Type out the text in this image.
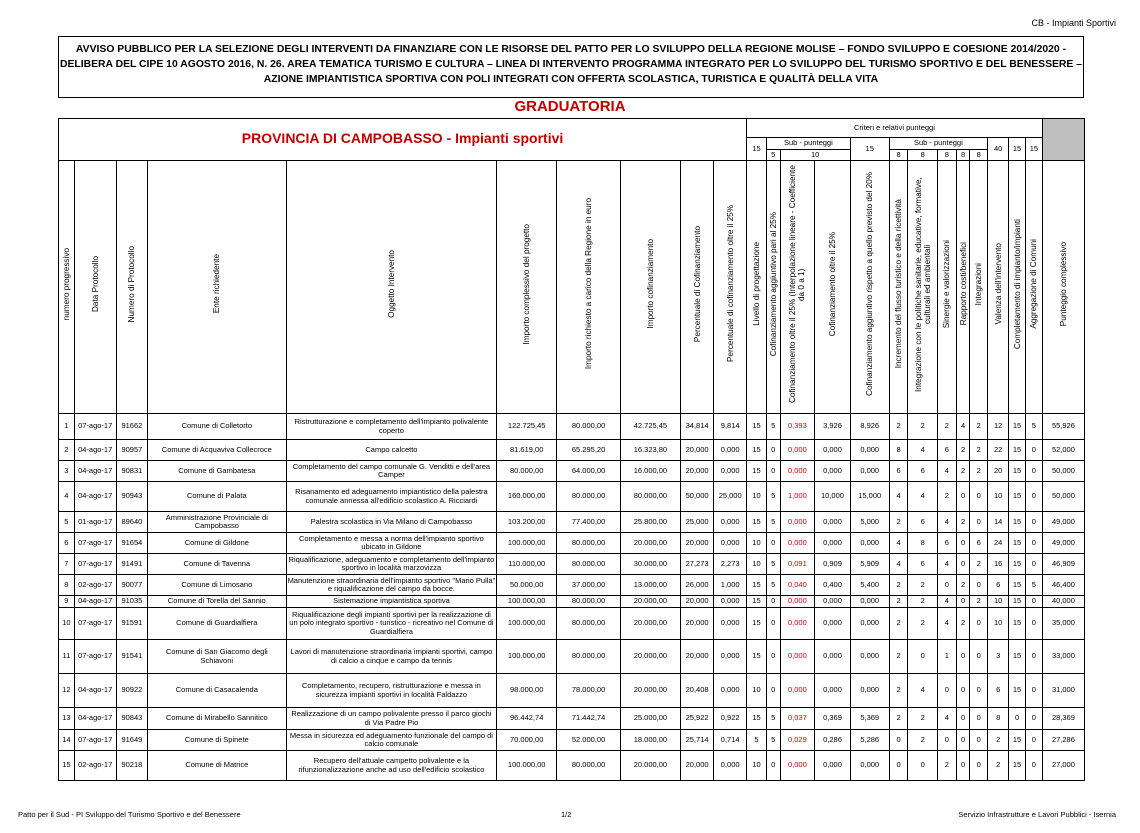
CB - Impianti Sportivi
AVVISO PUBBLICO PER LA SELEZIONE DEGLI INTERVENTI DA FINANZIARE CON LE RISORSE DEL PATTO PER LO SVILUPPO DELLA REGIONE MOLISE – FONDO SVILUPPO E COESIONE 2014/2020 - DELIBERA DEL CIPE 10 AGOSTO 2016, N. 26. AREA TEMATICA TURISMO E CULTURA – LINEA DI INTERVENTO PROGRAMMA INTEGRATO PER LO SVILUPPO DEL TURISMO SPORTIVO E DEL BENESSERE – AZIONE IMPIANTISTICA SPORTIVA CON POLI INTEGRATI CON OFFERTA SCOLASTICA, TURISTICA E QUALITÀ DELLA VITA
GRADUATORIA
PROVINCIA DI CAMPOBASSO - Impianti sportivi										Criteri e relativi punteggi													
										15	Sub - punteggi			15	Sub - punteggi					40	15	15	
											5	10			8	8	8	8	8				

numero progressivo	Data Protocollo	Numero di Protocollo	Ente richiedente	Oggetto Intervento	Importo complessivo del progetto	Importo richiesto a carico della Regione in euro	Importo cofinanziamento	Percentuale di Cofinanziamento	Percentuale di cofinanziamento oltre il 25%	Livello di progettazione	Cofinanziamento aggiuntivo pari al 25%	Cofinanziamento oltre il 25% (Interpolazione lineare - Coefficiente da 0 a 1)	Cofinanziamento oltre il 25%	Cofinanziamento aggiuntivo rispetto a quello previsto del 20%	Incremento del flusso turistico e della ricettività	Integrazione con le politiche sanitarie, educative, formative, culturali ed ambientali	Sinergie e valorizzazioni	Rapporto costi/benefici	Integrazioni	Valenza dell'intervento	Completamento di impianto/impianti	Aggregazione di Comuni	Punteggio complessivo

1	07-ago-17	91662	Comune di Colletorto	Ristrutturazione e completamento dell'impianto polivalente coperto	122.725,45	80.000,00	42.725,45	34,814	9,814	15	5	0,393	3,926	8,926	2	2	2	4	2	12	15	5	55,926
2	04-ago-17	90957	Comune di Acquaviva Collecroce	Campo calcetto	81.619,00	65.295,20	16.323,80	20,000	0,000	15	0	0,000	0,000	0,000	8	4	6	2	2	22	15	0	52,000
3	04-ago-17	90831	Comune di Gambatesa	Completamento del campo comunale G. Venditti e dell'area Camper	80.000,00	64.000,00	16.000,00	20,000	0,000	15	0	0,000	0,000	0,000	6	6	4	2	2	20	15	0	50,000
4	04-ago-17	90943	Comune di Palata	Risanamento ed adeguamento impiantistico della palestra comunale annessa all'edificio scolastico A. Ricciardi	160.000,00	80.000,00	80.000,00	50,000	25,000	10	5	1,000	10,000	15,000	4	4	2	0	0	10	15	0	50,000
5	01-ago-17	89640	Amministrazione Provinciale di Campobasso	Palestra scolastica in Via Milano di Campobasso	103.200,00	77.400,00	25.800,00	25,000	0,000	15	5	0,000	0,000	5,000	2	6	4	2	0	14	15	0	49,000
6	07-ago-17	91654	Comune di Gildone	Completamento e messa a norma dell'impianto sportivo ubicato in Gildone	100.000,00	80.000,00	20.000,00	20,000	0,000	10	0	0,000	0,000	0,000	4	8	6	0	6	24	15	0	49,000
7	07-ago-17	91491	Comune di Tavenna	Riqualificazione, adeguamento e completamento dell'impianto sportivo in località marzovizza	110.000,00	80.000,00	30.000,00	27,273	2,273	10	5	0,091	0,909	5,909	4	6	4	0	2	16	15	0	46,909
8	02-ago-17	90077	Comune di Limosano	Manutenzione straordinaria dell'impianto sportivo "Mario Pulla" e riqualificazione del campo da bocce.	50.000,00	37.000,00	13.000,00	26,000	1,000	15	5	0,040	0,400	5,400	2	2	0	2	0	6	15	5	46,400
9	04-ago-17	91035	Comune di Torella del Sannio	Sistemazione impiantistica sportiva	100.000,00	80.000,00	20.000,00	20,000	0,000	15	0	0,000	0,000	0,000	2	2	4	0	2	10	15	0	40,000
10	07-ago-17	91591	Comune di Guardialfiera	Riqualificazione degli impianti sportivi per la realizzazione di un polo integrato sportivo - turistico - ricreativo nel Comune di Guardialfiera	100.000,00	80.000,00	20.000,00	20,000	0,000	15	0	0,000	0,000	0,000	2	2	4	2	0	10	15	0	35,000
11	07-ago-17	91541	Comune di San Giacomo degli Schiavoni	Lavori di manutenzione straordinaria impianti sportivi, campo di calcio a cinque e campo da tennis	100.000,00	80.000,00	20.000,00	20,000	0,000	15	0	0,000	0,000	0,000	2	0	1	0	0	3	15	0	33,000
12	04-ago-17	90922	Comune di Casacalenda	Completamento, recupero, ristrutturazione e messa in sicurezza impianti sportivi in località Faldazzo	98.000,00	78.000,00	20.000,00	20,408	0,000	10	0	0,000	0,000	0,000	2	4	0	0	0	6	15	0	31,000
13	04-ago-17	90843	Comune di Mirabello Sannitico	Realizzazione di un campo polivalente presso il parco giochi di Via Padre Pio	96.442,74	71.442,74	25.000,00	25,922	0,922	15	5	0,037	0,369	5,369	2	2	4	0	0	8	0	0	28,369
14	07-ago-17	91649	Comune di Spinete	Messa in sicurezza ed adeguamento funzionale del campo di calcio comunale	70.000,00	52.000,00	18.000,00	25,714	0,714	5	5	0,029	0,286	5,286	0	2	0	0	0	2	15	0	27,286
15	02-ago-17	90218	Comune di Matrice	Recupero dell'attuale campetto polivalente e la rifunzionalizzazione anche ad uso dell'edificio scolastico	100.000,00	80.000,00	20.000,00	20,000	0,000	10	0	0,000	0,000	0,000	0	0	2	0	0	2	15	0	27,000
Patto per il Sud - PI Sviluppo del Turismo Sportivo e del Benessere	1/2	Servizio Infrastrutture e Lavori Pubblici - Isernia
